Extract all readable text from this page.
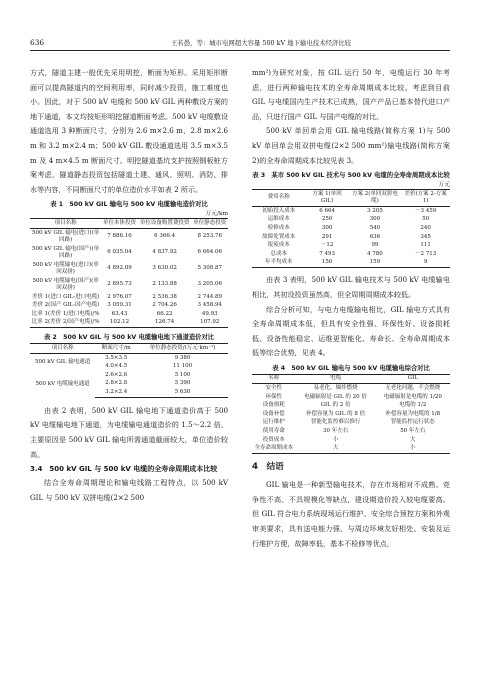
636	王若愚，等：城市电网超大容量 500 kV 地下输电技术经济比较

方式，隧道主建一般优先采用明挖，断面为矩形。采用矩形断面可以提高隧道内的空间利用率，同时减少投资，施工难度也小。因此，对于 500 kV 电缆和 500 kV GIL 两种敷设方案的地下通道，本文均按矩形明挖隧道断面考虑。500 kV 电缆敷设通道选用 3 种断面尺寸，分别为 2.6 m×2.6 m，2.8 m×2.6 m 和 3.2 m×2.4 m；500 kV GIL 敷设通道选用 3.5 m×3.5 m 及 4 m×4.5 m 断面尺寸。明挖隧道基坑支护按照钢板桩方案考虑，隧道静态投资包括隧道土建、通风、照明、消防、排水等内容，不同断面尺寸的单位造价水平如表 2 所示。

表 1　500 kV GIL 输电与 500 kV 电缆输电造价对比
万元/km
项目名称	单位本体投资	单位设备购置费投资	单位静态投资
500 kV GIL 输电(进口)(单回路)	7 886.16	6 366.4	8 253.76
500 kV GIL 输电(国产)(单回路)	6 035.04	4 837.92	6 664.06
500 kV 电缆输电(进口)(单回双拼)	4 892.09	3 630.02	5 308.87
500 kV 电缆输电(国产)(单回双拼)	2 895.73	2 133.88	3 205.06
差价 1(进口 GIL-进口电缆)	2 976.07	2 536.38	2 744.89
差价 2(国产 GIL-国产电缆)	3 059.31	2 704.26	3 458.94
比率 1(差价 1/进口电缆)/%	63.43	66.22	49.93
比率 2(差价 2/国产电缆)/%	102.12	126.74	107.92
表 2　500 kV GIL 与 500 kV 电缆输电地下通道造价对比
项目名称	断面尺寸/m	单位静态投资/(万元·km⁻¹)
500 kV GIL 输电通道	3.5×3.5	9 380
	4.0×4.5	11 100
500 kV 电缆输电通道	2.6×2.6	5 100
	2.8×2.8	5 390
	3.2×2.4	5 630

由表 2 表明，500 kV GIL 输电地下通道造价高于 500 kV 电缆输电地下通道，为电缆输电通道造价的 1.5～2.2 倍，主要原因是 500 kV GIL 输电所需通道截面较大，单位造价较高。

3.4　500 kV GIL 与 500 kV 电缆的全寿命周期成本比较

结合全寿命周期理论和输电线路工程特点，以 500 kV GIL 与 500 kV 双拼电缆(2×2 500

mm²)为研究对象，按 GIL 运行 50 年，电缆运行 30 年考虑，进行两种输电技术的全寿命周期成本比较。考虑到目前 GIL 与电缆国内生产技术已成熟，国产产品已基本替代进口产品，只进行国产 GIL 与国产电缆的对比。

500 kV 单回单会用 GIL 输电线路(简称方案 1)与 500 kV 单回单会用双拼电缆(2×2 500 mm²)输电线路(简称方案 2)的全寿命周期成本比较见表 3。

表 3　某市 500 kV GIL 技术与 500 kV 电缆的全寿命周期成本比较
万元
费用名称	方案 1(单回 GIL)	方案 2(单回双拼电缆)	差价(方案 2-方案 1)
初始投入成本	6 664	3 205	－3 459
运维成本	250	300	50
检修成本	300	540	240
故障处置成本	291	636	345
报废成本	－12	99	111
总成本	7 493	4 780	－2 713
年平均成本	150	159	9

由表 3 表明，500 kV GIL 输电技术与 500 kV 电缆输电相比，其初设投资虽然高，但全周期周期成本较低。

综合分析可知，与电力电缆输电相比，GIL 输电方式具有全寿命周期成本低，但具有安全性强、环保性好、设备损耗低、设备性能稳定、运维更智能化、寿命长、全寿命周期成本低等综合优势，见表 4。

表 4　500 kV GIL 输电与 500 kV 电缆输电综合对比
名称	电缆	GIL
安全性	易老化，爆炸燃烧	无老化问题，不会燃烧
环保性	电磁辐射是 GIL 的 20 倍	电磁辐射是电缆的 1/20
设备损耗	GIL 的 2 倍	电缆的 1/2
设备补偿	补偿容量为 GIL 的 8 倍	补偿容量为电缆的 1/8
运行维护	智能化监控难以推行	智能监控运行状态
使用寿命	30 年左右	50 年左右
投资成本	小	大
全寿命周期成本	大	小
4　结语

GIL 输电是一种新型输电技术，存在市场相对不成熟、竞争性不高、不具规模化等缺点，建设期造价投入较电缆要高。但 GIL 符合电力系统现场运行维护、安全综合预控方案和外观审美要求，具有送电能力强、与周边环境友好相处、安装及运行维护方便，故障率低，基本不检修等优点，
